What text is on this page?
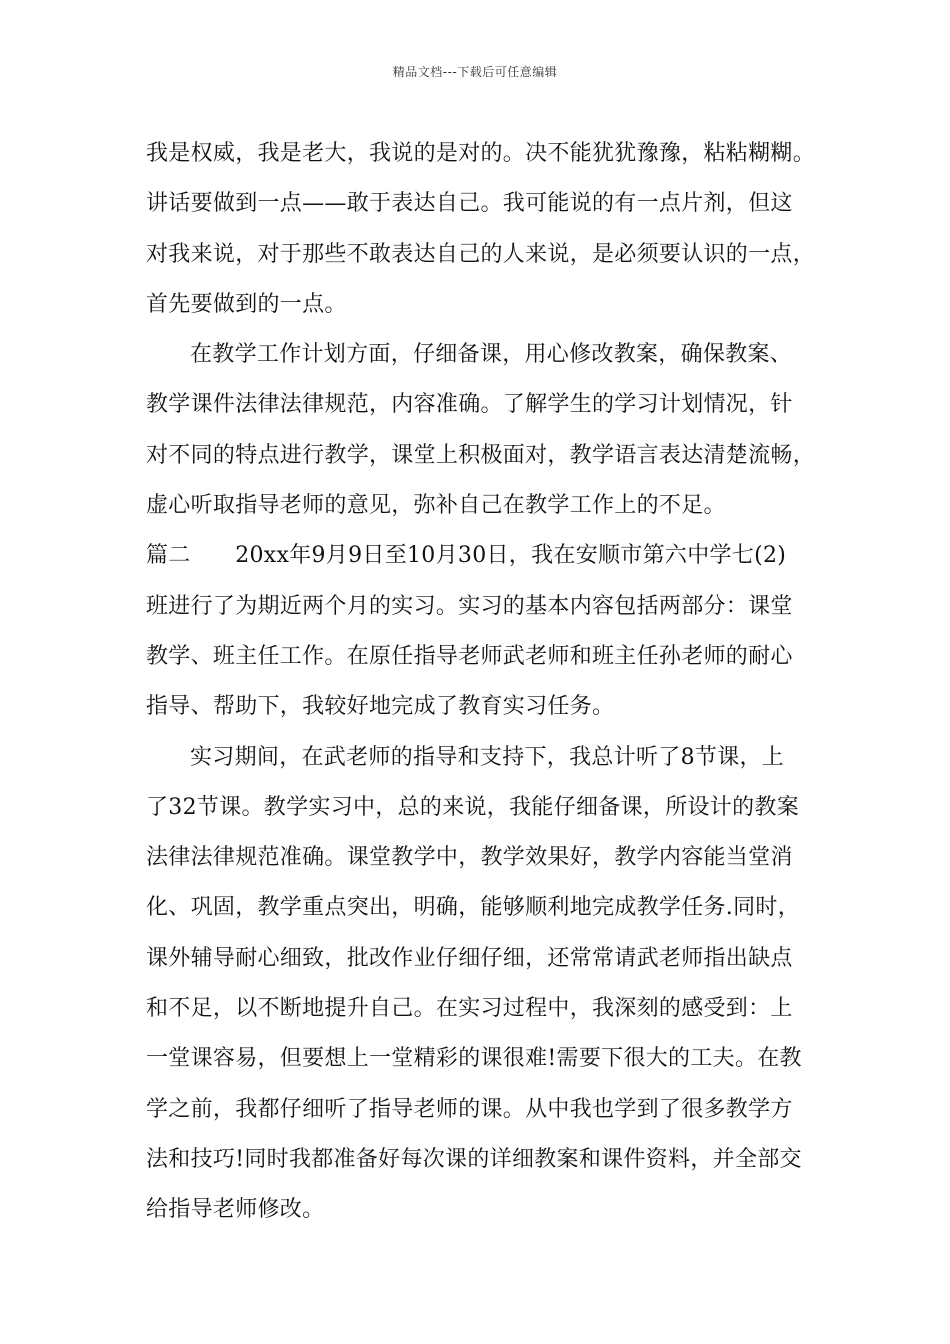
精品文档---下载后可任意编辑
我是权威，我是老大，我说的是对的。决不能犹犹豫豫，粘粘糊糊。
讲话要做到一点——敢于表达自己。我可能说的有一点片剂，但这
对我来说，对于那些不敢表达自己的人来说，是必须要认识的一点，
首先要做到的一点。
在教学工作计划方面，仔细备课，用心修改教案，确保教案、
教学课件法律法律规范，内容准确。了解学生的学习计划情况，针
对不同的特点进行教学，课堂上积极面对，教学语言表达清楚流畅，
虚心听取指导老师的意见，弥补自己在教学工作上的不足。
篇二　　20xx年9月9日至10月30日，我在安顺市第六中学七(2)
班进行了为期近两个月的实习。实习的基本内容包括两部分：课堂
教学、班主任工作。在原任指导老师武老师和班主任孙老师的耐心
指导、帮助下，我较好地完成了教育实习任务。
实习期间，在武老师的指导和支持下，我总计听了8节课，上
了32节课。教学实习中，总的来说，我能仔细备课，所设计的教案
法律法律规范准确。课堂教学中，教学效果好，教学内容能当堂消
化、巩固，教学重点突出，明确，能够顺利地完成教学任务.同时，
课外辅导耐心细致，批改作业仔细仔细，还常常请武老师指出缺点
和不足，以不断地提升自己。在实习过程中，我深刻的感受到：上
一堂课容易，但要想上一堂精彩的课很难!需要下很大的工夫。在教
学之前，我都仔细听了指导老师的课。从中我也学到了很多教学方
法和技巧!同时我都准备好每次课的详细教案和课件资料，并全部交
给指导老师修改。
